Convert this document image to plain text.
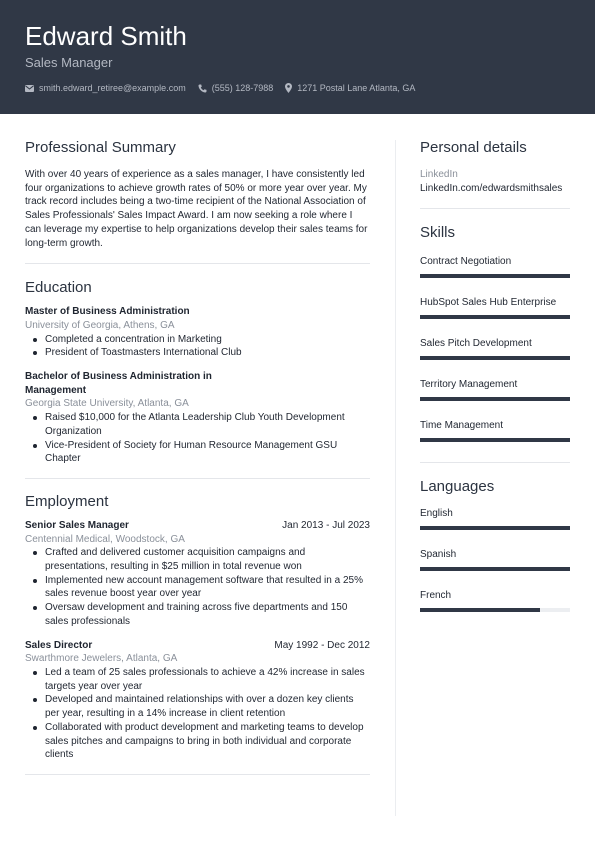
Edward Smith
Sales Manager
smith.edward_retiree@example.com	(555) 128-7988	1271 Postal Lane Atlanta, GA
Professional Summary

With over 40 years of experience as a sales manager, I have consistently led
four organizations to achieve growth rates of 50% or more year over year. My
track record includes being a two-time recipient of the National Association of
Sales Professionals' Sales Impact Award. I am now seeking a role where I
can leverage my expertise to help organizations develop their sales teams for
long-term growth.

Education
Master of Business Administration
University of Georgia, Athens, GA
Completed a concentration in Marketing
President of Toastmasters International Club
Bachelor of Business Administration in
Management
Georgia State University, Atlanta, GA
Raised $10,000 for the Atlanta Leadership Club Youth Development
Organization
Vice-President of Society for Human Resource Management GSU
Chapter
Employment
Senior Sales Manager	Jan 2013 - Jul 2023
Centennial Medical, Woodstock, GA
Crafted and delivered customer acquisition campaigns and
presentations, resulting in $25 million in total revenue won
Implemented new account management software that resulted in a 25%
sales revenue boost year over year
Oversaw development and training across five departments and 150
sales professionals
Sales Director	May 1992 - Dec 2012
Swarthmore Jewelers, Atlanta, GA
Led a team of 25 sales professionals to achieve a 42% increase in sales
targets year over year
Developed and maintained relationships with over a dozen key clients
per year, resulting in a 14% increase in client retention
Collaborated with product development and marketing teams to develop
sales pitches and campaigns to bring in both individual and corporate
clients
Personal details
LinkedIn
LinkedIn.com/edwardsmithsales
Skills
Contract Negotiation
HubSpot Sales Hub Enterprise
Sales Pitch Development
Territory Management
Time Management
Languages
English
Spanish
French
